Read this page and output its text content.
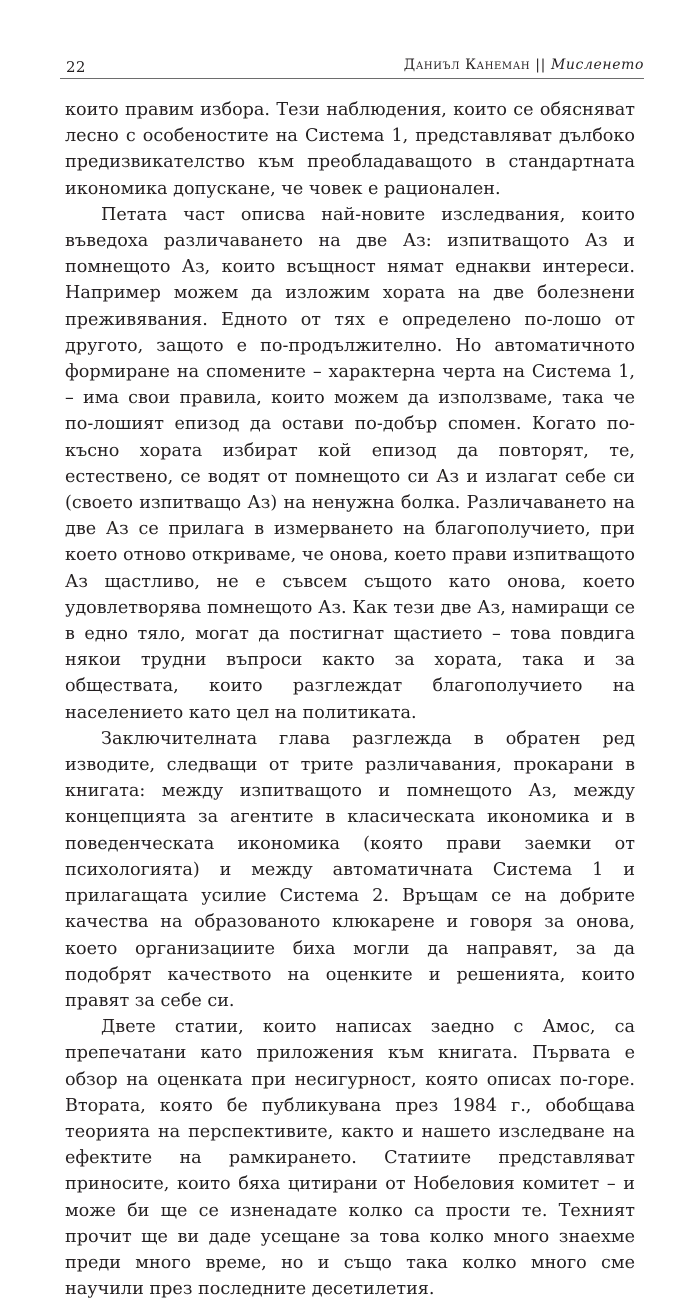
22	Даниъл Канеман || Мисленето

които правим избора. Тези наблюдения, които се обясняват лесно с особеностите на Система 1, представляват дълбоко предизвикателство към преобладаващото в стандартната икономика допускане, че човек е рационален.

Петата част описва най-новите изследвания, които въведоха различаването на две Аз: изпитващото Аз и помнещото Аз, които всъщност нямат еднакви интереси. Например можем да изложим хората на две болезнени преживявания. Едното от тях е определено по-лошо от другото, защото е по-продължително. Но автоматичното формиране на спомените – характерна черта на Система 1, – има свои правила, които можем да използваме, така че по-лошият епизод да остави по-добър спомен. Когато по-късно хората избират кой епизод да повторят, те, естествено, се водят от помнещото си Аз и излагат себе си (своето изпитващо Аз) на ненужна болка. Различаването на две Аз се прилага в измерването на благополучието, при което отново откриваме, че онова, което прави изпитващото Аз щастливо, не е съвсем същото като онова, което удовлетворява помнещото Аз. Как тези две Аз, намиращи се в едно тяло, могат да постигнат щастието – това повдига някои трудни въпроси както за хората, така и за обществата, които разглеждат благополучието на населението като цел на политиката.

Заключителната глава разглежда в обратен ред изводите, следващи от трите различавания, прокарани в книгата: между изпитващото и помнещото Аз, между концепцията за агентите в класическата икономика и в поведенческата икономика (която прави заемки от психологията) и между автоматичната Система 1 и прилагащата усилие Система 2. Връщам се на добрите качества на образованото клюкарене и говоря за онова, което организациите биха могли да направят, за да подобрят качеството на оценките и решенията, които правят за себе си.

Двете статии, които написах заедно с Амос, са препечатани като приложения към книгата. Първата е обзор на оценката при несигурност, която описах по-горе. Втората, която бе публикувана през 1984 г., обобщава теорията на перспективите, както и нашето изследване на ефектите на рамкирането. Статиите представляват приносите, които бяха цитирани от Нобеловия комитет – и може би ще се изненадате колко са прости те. Техният прочит ще ви даде усещане за това колко много знаехме преди много време, но и също така колко много сме научили през последните десетилетия.
